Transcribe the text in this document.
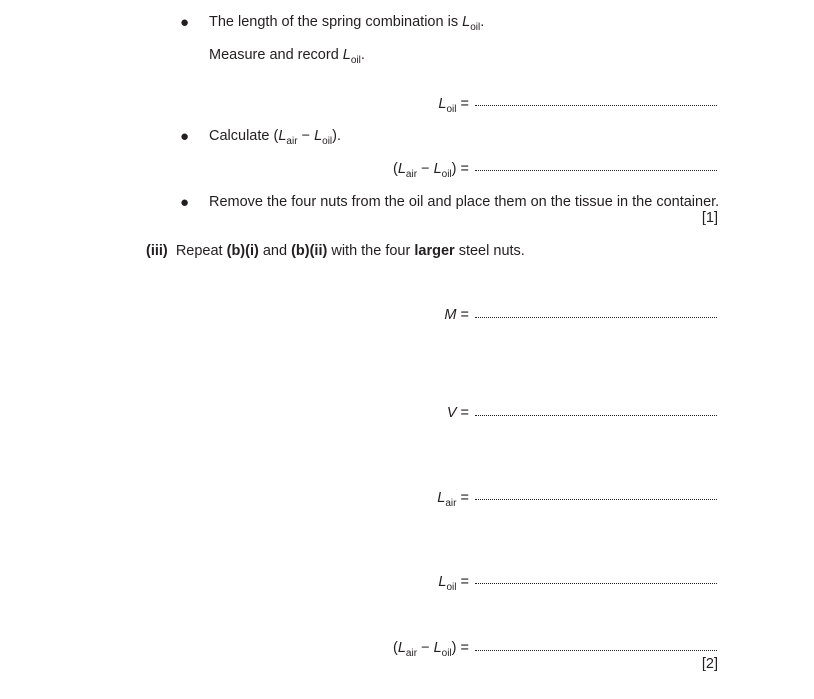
● The length of the spring combination is $L_{oil}$.
Measure and record $L_{oil}$.
$L_{oil}$ =
● Calculate $(L_{air} - L_{oil})$.
$(L_{air} - L_{oil})$ =
● Remove the four nuts from the oil and place them on the tissue in the container.
[1]
(iii) Repeat (b)(i) and (b)(ii) with the four larger steel nuts.
M =
V =
$L_{air}$ =
$L_{oil}$ =
$(L_{air} - L_{oil})$ =
[2]
